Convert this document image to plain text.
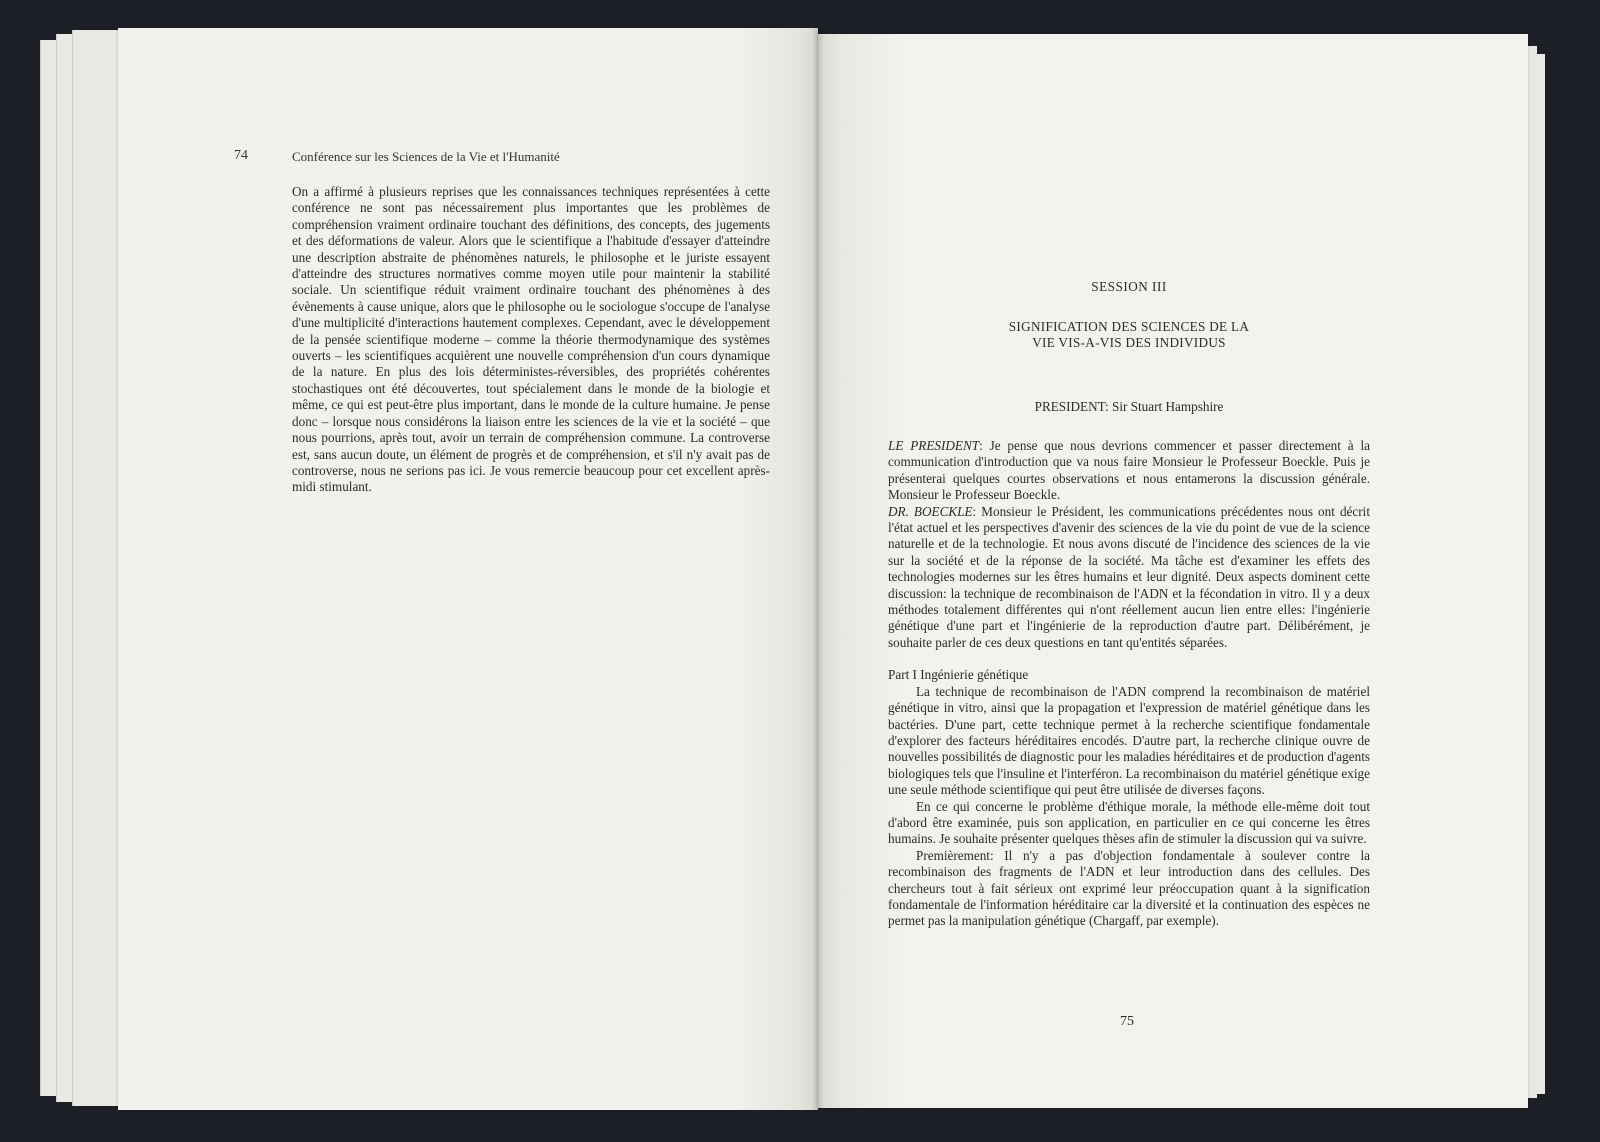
74	Conférence sur les Sciences de la Vie et l'Humanité

On a affirmé à plusieurs reprises que les connaissances techniques représentées à cette conférence ne sont pas nécessairement plus importantes que les problèmes de compréhension vraiment ordinaire touchant des définitions, des concepts, des jugements et des déformations de valeur. Alors que le scientifique a l'habitude d'essayer d'atteindre une description abstraite de phénomènes naturels, le philosophe et le juriste essayent d'atteindre des structures normatives comme moyen utile pour maintenir la stabilité sociale. Un scientifique réduit vraiment ordinaire touchant des phénomènes à des évènements à cause unique, alors que le philosophe ou le sociologue s'occupe de l'analyse d'une multiplicité d'interactions hautement complexes. Cependant, avec le développement de la pensée scientifique moderne – comme la théorie thermodynamique des systèmes ouverts – les scientifiques acquièrent une nouvelle compréhension d'un cours dynamique de la nature. En plus des lois déterministes-réversibles, des propriétés cohérentes stochastiques ont été découvertes, tout spécialement dans le monde de la biologie et même, ce qui est peut-être plus important, dans le monde de la culture humaine. Je pense donc – lorsque nous considérons la liaison entre les sciences de la vie et la société – que nous pourrions, après tout, avoir un terrain de compréhension commune. La controverse est, sans aucun doute, un élément de progrès et de compréhension, et s'il n'y avait pas de controverse, nous ne serions pas ici. Je vous remercie beaucoup pour cet excellent après-midi stimulant.

SESSION III
SIGNIFICATION DES SCIENCES DE LA
VIE VIS-A-VIS DES INDIVIDUS
PRESIDENT: Sir Stuart Hampshire

LE PRESIDENT: Je pense que nous devrions commencer et passer directement à la communication d'introduction que va nous faire Monsieur le Professeur Boeckle. Puis je présenterai quelques courtes observations et nous entamerons la discussion générale. Monsieur le Professeur Boeckle.

DR. BOECKLE: Monsieur le Président, les communications précédentes nous ont décrit l'état actuel et les perspectives d'avenir des sciences de la vie du point de vue de la science naturelle et de la technologie. Et nous avons discuté de l'incidence des sciences de la vie sur la société et de la réponse de la société. Ma tâche est d'examiner les effets des technologies modernes sur les êtres humains et leur dignité. Deux aspects dominent cette discussion: la technique de recombinaison de l'ADN et la fécondation in vitro. Il y a deux méthodes totalement différentes qui n'ont réellement aucun lien entre elles: l'ingénierie génétique d'une part et l'ingénierie de la reproduction d'autre part. Délibérément, je souhaite parler de ces deux questions en tant qu'entités séparées.

Part I Ingénierie génétique

La technique de recombinaison de l'ADN comprend la recombinaison de matériel génétique in vitro, ainsi que la propagation et l'expression de matériel génétique dans les bactéries. D'une part, cette technique permet à la recherche scientifique fondamentale d'explorer des facteurs héréditaires encodés. D'autre part, la recherche clinique ouvre de nouvelles possibilités de diagnostic pour les maladies héréditaires et de production d'agents biologiques tels que l'insuline et l'interféron. La recombinaison du matériel génétique exige une seule méthode scientifique qui peut être utilisée de diverses façons.

En ce qui concerne le problème d'éthique morale, la méthode elle-même doit tout d'abord être examinée, puis son application, en particulier en ce qui concerne les êtres humains. Je souhaite présenter quelques thèses afin de stimuler la discussion qui va suivre.

Premièrement: Il n'y a pas d'objection fondamentale à soulever contre la recombinaison des fragments de l'ADN et leur introduction dans des cellules. Des chercheurs tout à fait sérieux ont exprimé leur préoccupation quant à la signification fondamentale de l'information héréditaire car la diversité et la continuation des espèces ne permet pas la manipulation génétique (Chargaff, par exemple).

75
